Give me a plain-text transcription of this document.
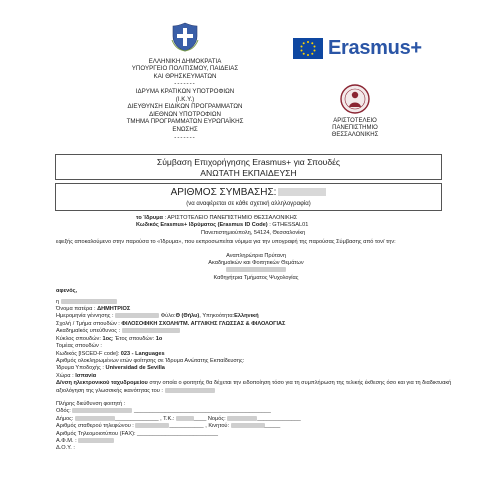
ΕΛΛΗΝΙΚΗ ΔΗΜΟΚΡΑΤΙΑ
ΥΠΟΥΡΓΕΙΟ ΠΟΛΙΤΙΣΜΟΥ, ΠΑΙΔΕΙΑΣ
ΚΑΙ ΘΡΗΣΚΕΥΜΑΤΩΝ
-------
ΙΔΡΥΜΑ ΚΡΑΤΙΚΩΝ ΥΠΟΤΡΟΦΙΩΝ
(Ι.Κ.Υ.)
ΔΙΕΥΘΥΝΣΗ ΕΙΔΙΚΩΝ ΠΡΟΓΡΑΜΜΑΤΩΝ
ΔΙΕΘΝΩΝ ΥΠΟΤΡΟΦΙΩΝ
ΤΜΗΜΑ ΠΡΟΓΡΑΜΜΑΤΩΝ ΕΥΡΩΠΑΪΚΗΣ
ΕΝΩΣΗΣ
-------
Erasmus+
ΑΡΙΣΤΟΤΕΛΕΙΟ
ΠΑΝΕΠΙΣΤΗΜΙΟ
ΘΕΣΣΑΛΟΝΙΚΗΣ
Σύμβαση Επιχορήγησης Erasmus+ για Σπουδές
ΑΝΩΤΑΤΗ ΕΚΠΑΙΔΕΥΣΗ
ΑΡΙΘΜΟΣ ΣΥΜΒΑΣΗΣ:
(να αναφέρεται σε κάθε σχετική αλληλογραφία)
το Ίδρυμα : ΑΡΙΣΤΟΤΕΛΕΙΟ ΠΑΝΕΠΙΣΤΗΜΙΟ ΘΕΣΣΑΛΟΝΙΚΗΣ
Κωδικός Erasmus+ Ιδρύματος (Erasmus ID Code) : GTHESSAL01
Πανεπιστημιούπολη, 54124, Θεσσαλονίκη
εφεξής αποκαλούμενο στην παρούσα το «Ίδρυμα», που εκπροσωπείται νόμιμα για την υπογραφή της παρούσας Σύμβασης από τον/ την:
Αναπληρώτρια Πρύτανη
Ακαδημαϊκών και Φοιτητικών Θεμάτων
Καθηγήτρια Τμήματος Ψυχολογίας
αφενός,
η
Όνομα πατέρα : ΔΗΜΗΤΡΙΟΣ
Ημερομηνία γέννησης :	Φύλο:Θ (Θήλυ), Υπηκοότητα:Ελληνική
Σχολή / Τμήμα σπουδών : ΦΙΛΟΣΟΦΙΚΗ ΣΧΟΛΗ/ΤΜ. ΑΓΓΛΙΚΗΣ ΓΛΩΣΣΑΣ & ΦΙΛΟΛΟΓΙΑΣ
Ακαδημαϊκός υπεύθυνος :
Κύκλος σπουδών: 1ος; Έτος σπουδών: 1ο
Τομέας σπουδών :
Κωδικός [ISCED-F code]: 023 - Languages
Αριθμός ολοκληρωμένων ετών φοίτησης σε Ίδρυμα Ανώτατης Εκπαίδευσης:
Ίδρυμα Υποδοχής : Universidad de Sevilla
Χώρα : Ισπανία
Δ/νση ηλεκτρονικού ταχυδρομείου στην οποία ο φοιτητής θα δέχεται την ειδοποίηση τόσο για τη συμπλήρωση της τελικής έκθεσης όσο και για τη διαδικτυακή αξιολόγηση της γλωσσικής ικανότητας του :
Πλήρης διεύθυνση φοιτητή :
Οδός:	____________________________________________
Δήμος:	______________ , Τ.Κ.:	____ Νομός:	______________
Αριθμός σταθερού τηλεφώνου :	___________ , Κινητού:	_____
Αριθμός Τηλεομοιοτύπου (FAX): __________________________
Α.Φ.Μ. :
Δ.Ο.Υ. :
